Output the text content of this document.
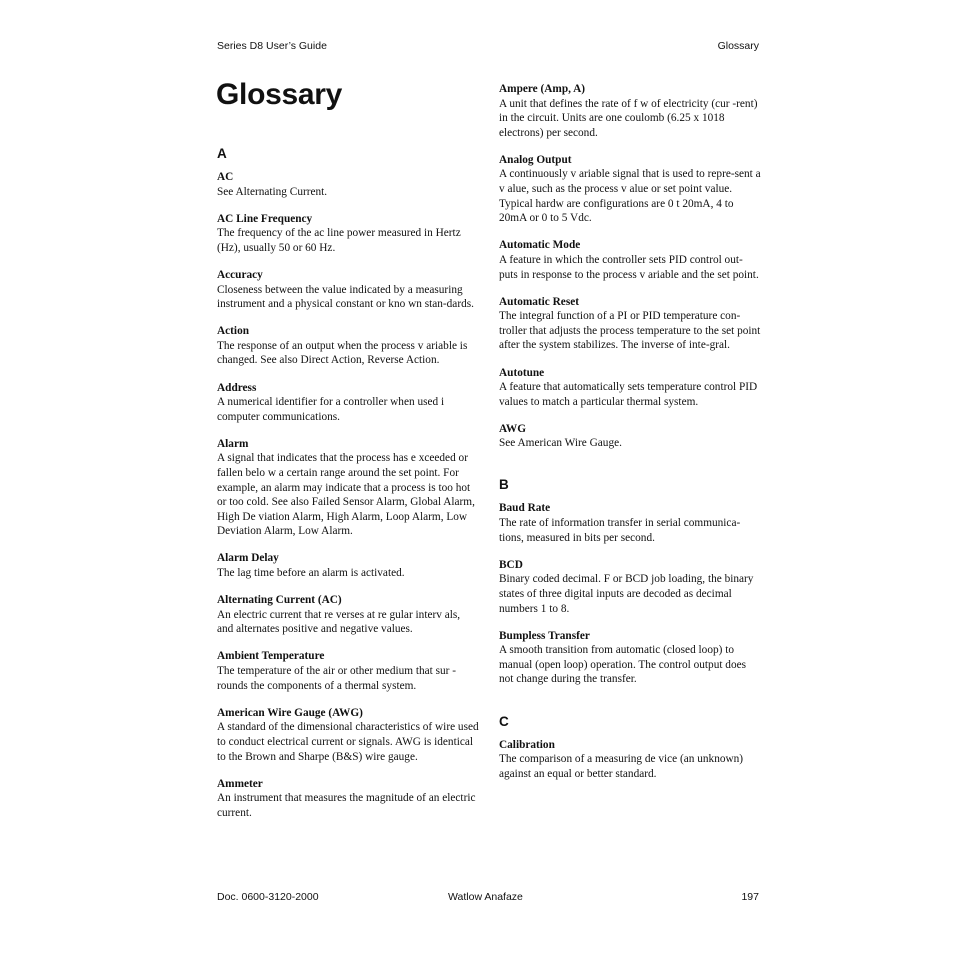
Series D8 User’s Guide	Glossary
Glossary
A
AC
See Alternating Current.
AC Line Frequency
The frequency of the ac line power measured in Hertz (Hz), usually 50 or 60 Hz.
Accuracy
Closeness between the value indicated by a measuring instrument and a physical constant or kno wn stan-dards.
Action
The response of an output when the process v ariable is changed. See also Direct Action, Reverse Action.
Address
A numerical identifier for a controller when used i computer communications.
Alarm
A signal that indicates that the process has e xceeded or fallen belo w a certain range around the set point. For example, an alarm may indicate that a process is too hot or too cold. See also Failed Sensor Alarm, Global Alarm, High De viation Alarm, High Alarm, Loop Alarm, Low Deviation Alarm, Low Alarm.
Alarm Delay
The lag time before an alarm is activated.
Alternating Current (AC)
An electric current that re verses at re gular interv als, and alternates positive and negative values.
Ambient Temperature
The temperature of the air or other medium that sur -rounds the components of a thermal system.
American Wire Gauge (AWG)
A standard of the dimensional characteristics of wire used to conduct electrical current or signals. AWG is identical to the Brown and Sharpe (B&S) wire gauge.
Ammeter
An instrument that measures the magnitude of an electric current.
Ampere (Amp, A)
A unit that defines the rate of f w of electricity (cur -rent) in the circuit. Units are one coulomb (6.25 x 1018 electrons) per second.
Analog Output
A continuously v ariable signal that is used to repre-sent a v alue, such as the process v alue or set point value. Typical hardw are configurations are 0 t 20mA, 4 to 20mA or 0 to 5 Vdc.
Automatic Mode
A feature in which the controller sets PID control out-puts in response to the process v ariable and the set point.
Automatic Reset
The integral function of a PI or PID temperature con-troller that adjusts the process temperature to the set point after the system stabilizes. The inverse of inte-gral.
Autotune
A feature that automatically sets temperature control PID values to match a particular thermal system.
AWG
See American Wire Gauge.
B
Baud Rate
The rate of information transfer in serial communica-tions, measured in bits per second.
BCD
Binary coded decimal. F or BCD job loading, the binary states of three digital inputs are decoded as decimal numbers 1 to 8.
Bumpless Transfer
A smooth transition from automatic (closed loop) to manual (open loop) operation. The control output does not change during the transfer.
C
Calibration
The comparison of a measuring de vice (an unknown) against an equal or better standard.
Doc. 0600-3120-2000	Watlow Anafaze	197
